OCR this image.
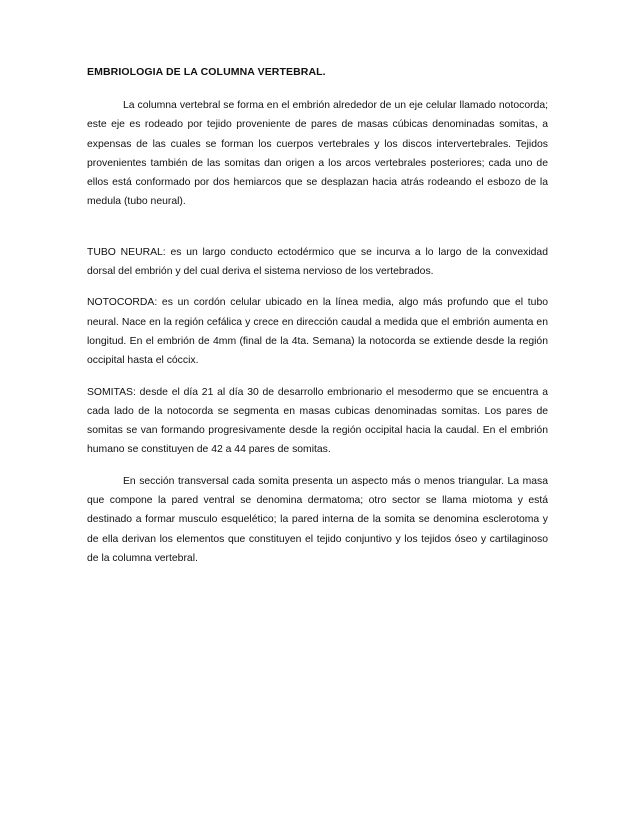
EMBRIOLOGIA DE LA COLUMNA VERTEBRAL.

La columna vertebral se forma en el embrión alrededor de un eje celular llamado notocorda; este eje es rodeado por tejido proveniente de pares de masas cúbicas denominadas somitas, a expensas de las cuales se forman los cuerpos vertebrales y los discos intervertebrales. Tejidos provenientes también de las somitas dan origen a los arcos vertebrales posteriores; cada uno de ellos está conformado por dos hemiarcos que se desplazan hacia atrás rodeando el esbozo de la medula (tubo neural).

TUBO NEURAL: es un largo conducto ectodérmico que se incurva a lo largo de la convexidad dorsal del embrión y del cual deriva el sistema nervioso de los vertebrados.

NOTOCORDA: es un cordón celular ubicado en la línea media, algo más profundo que el tubo neural. Nace en la región cefálica y crece en dirección caudal a medida que el embrión aumenta en longitud. En el embrión de 4mm (final de la 4ta. Semana) la notocorda se extiende desde la región occipital hasta el cóccix.

SOMITAS: desde el día 21 al día 30 de desarrollo embrionario el mesodermo que se encuentra a cada lado de la notocorda se segmenta en masas cubicas denominadas somitas. Los pares de somitas se van formando progresivamente desde la región occipital hacia la caudal. En el embrión humano se constituyen de 42 a 44 pares de somitas.

En sección transversal cada somita presenta un aspecto más o menos triangular. La masa que compone la pared ventral se denomina dermatoma; otro sector se llama miotoma y está destinado a formar musculo esquelético; la pared interna de la somita se denomina esclerotoma y de ella derivan los elementos que constituyen el tejido conjuntivo y los tejidos óseo y cartilaginoso de la columna vertebral.
